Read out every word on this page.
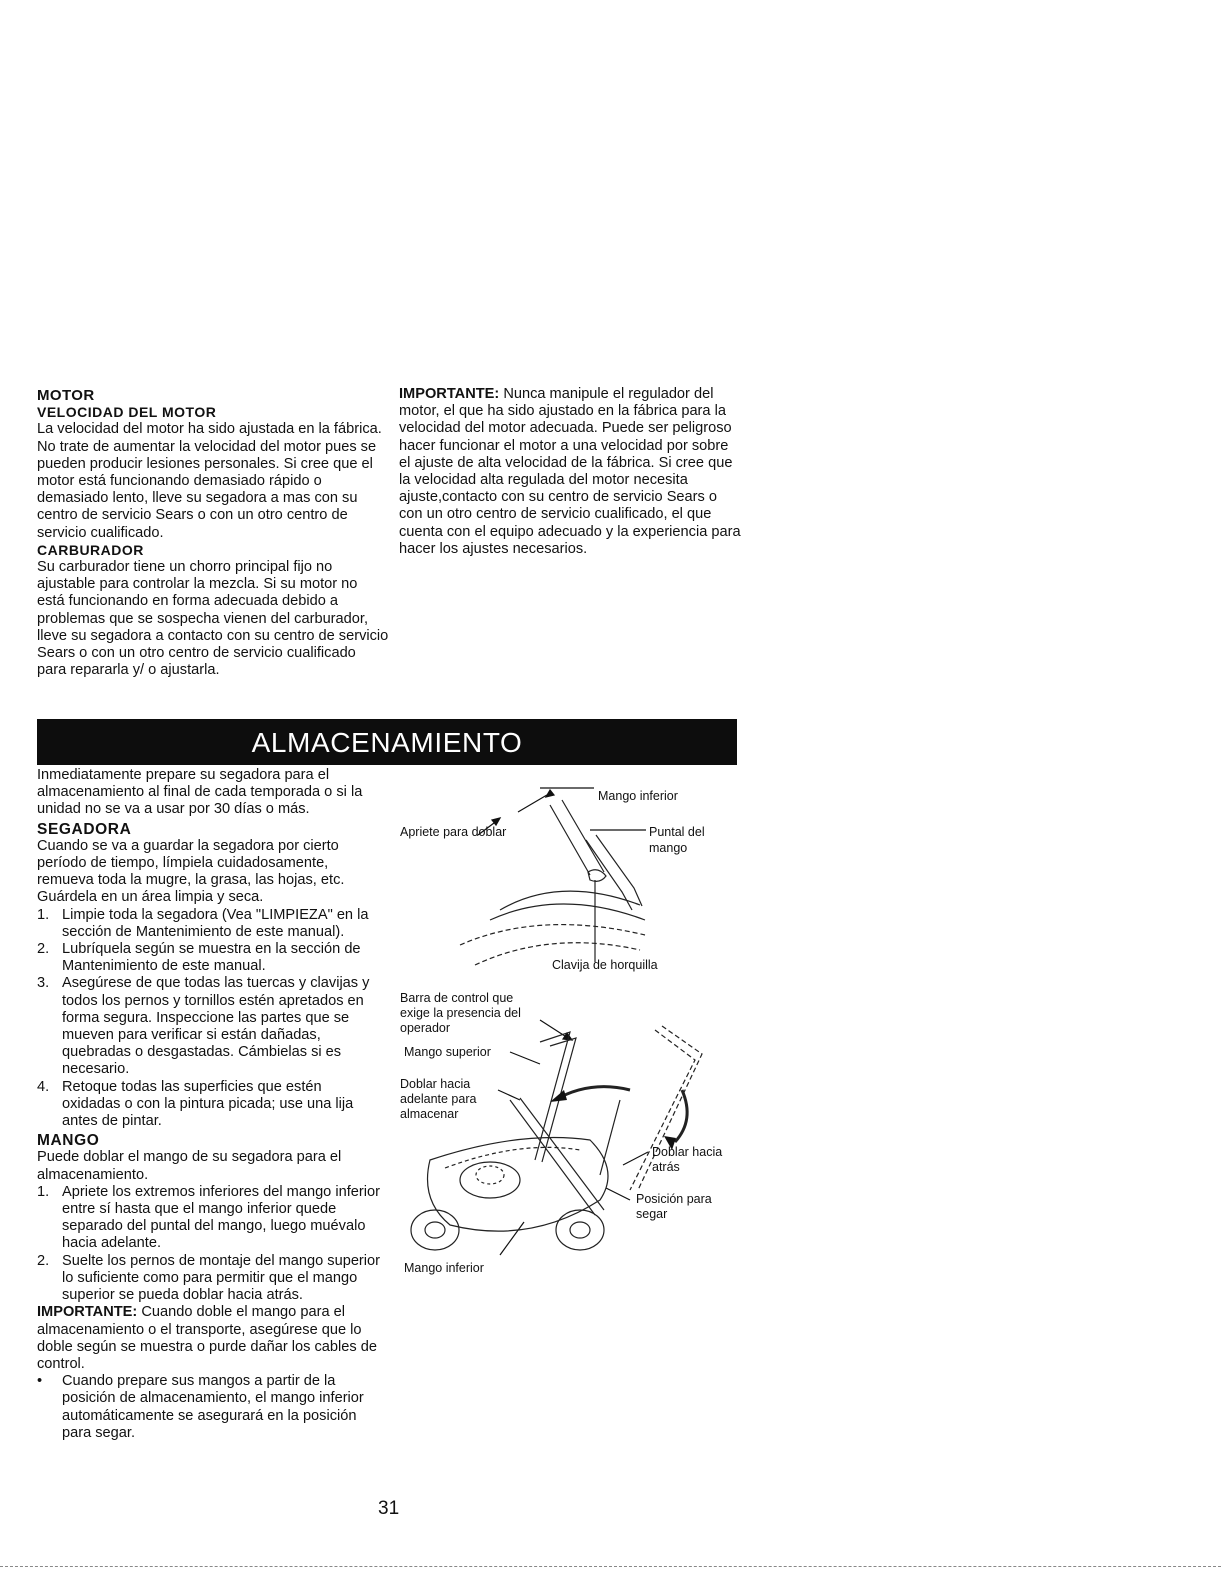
MOTOR

VELOCIDAD DEL MOTOR

La velocidad del motor ha sido ajustada en la fábrica. No trate de aumentar la velocidad del motor pues se pueden producir lesiones personales. Si cree que el motor está funcionando demasiado rápido o demasiado lento, lleve su segadora a mas con su centro de servicio Sears o con un otro centro de servicio cualificado.

CARBURADOR

Su carburador tiene un chorro principal fijo no ajustable para controlar la mezcla. Si su motor no está funcionando en forma adecuada debido a problemas que se sospecha vienen del carburador, lleve su segadora a contacto con su centro de servicio Sears o con un otro centro de servicio cualificado para repararla y/ o ajustarla.

IMPORTANTE: Nunca manipule el regulador del motor, el que ha sido ajustado en la fábrica para la velocidad del motor adecuada. Puede ser peligroso hacer funcionar el motor a una velocidad por sobre el ajuste de alta velocidad de la fábrica. Si cree que la velocidad alta regulada del motor necesita ajuste,contacto con su centro de servicio Sears o con un otro centro de servicio cualificado, el que cuenta con el equipo adecuado y la experiencia para hacer los ajustes necesarios.

ALMACENAMIENTO

Inmediatamente prepare su segadora para el almacenamiento al final de cada temporada o si la unidad no se va a usar por 30 días o más.

SEGADORA

Cuando se va a guardar la segadora por cierto período de tiempo, límpiela cuidadosamente, remueva toda la mugre, la grasa, las hojas, etc. Guárdela en un área limpia y seca.

1. Limpie toda la segadora (Vea "LIMPIEZA" en la sección de Mantenimiento de este manual).
2. Lubríquela según se muestra en la sección de Mantenimiento de este manual.
3. Asegúrese de que todas las tuercas y clavijas y todos los pernos y tornillos estén apretados en forma segura. Inspeccione las partes que se mueven para verificar si están dañadas, quebradas o desgastadas. Cámbielas si es necesario.
4. Retoque todas las superficies que estén oxidadas o con la pintura picada; use una lija antes de pintar.

MANGO

Puede doblar el mango de su segadora para el almacenamiento.

1. Apriete los extremos inferiores del mango inferior entre sí hasta que el mango inferior quede separado del puntal del mango, luego muévalo hacia adelante.
2. Suelte los pernos de montaje del mango superior lo suficiente como para permitir que el mango superior se pueda doblar hacia atrás.

IMPORTANTE: Cuando doble el mango para el almacenamiento o el transporte, asegúrese que lo doble según se muestra o purde dañar los cables de control.

• Cuando prepare sus mangos a partir de la posición de almacenamiento, el mango inferior automáticamente se asegurará en la posición para segar.
Mango inferior
Apriete para doblar	Puntal del
mango
Clavija de horquilla
Barra de control que
exige la presencia del
operador
Mango superior
Doblar hacia
adelante para
almacenar
Doblar hacia
atrás
Posición para
segar
Mango inferior
31
